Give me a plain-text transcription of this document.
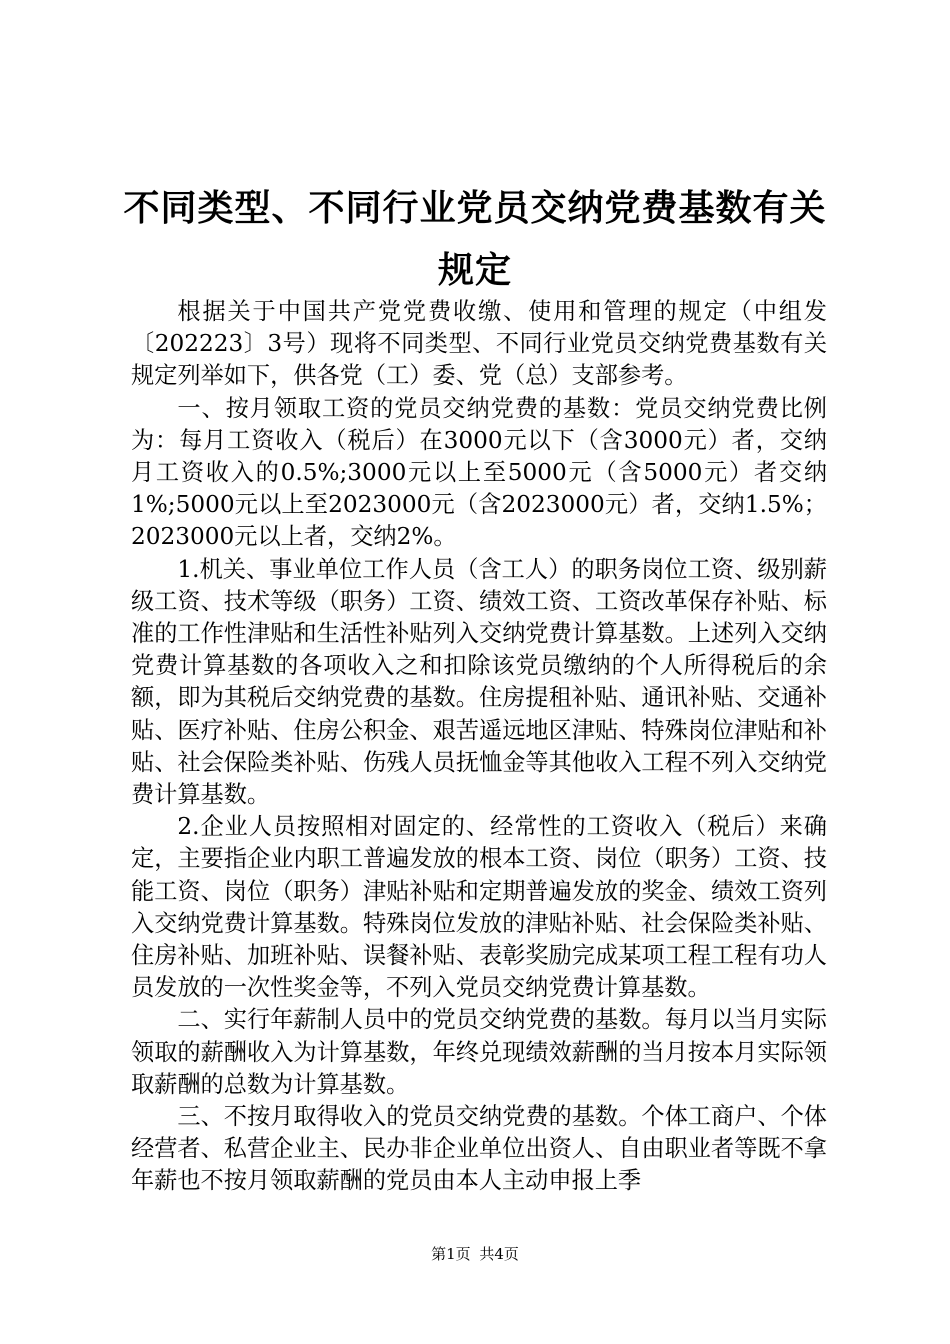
不同类型、不同行业党员交纳党费基数有关规定

根据关于中国共产党党费收缴、使用和管理的规定（中组发〔202223〕3号）现将不同类型、不同行业党员交纳党费基数有关规定列举如下，供各党（工）委、党（总）支部参考。

一、按月领取工资的党员交纳党费的基数：党员交纳党费比例为：每月工资收入（税后）在3000元以下（含3000元）者，交纳月工资收入的0.5%;3000元以上至5000元（含5000元）者交纳1%;5000元以上至2023000元（含2023000元）者，交纳1.5%；2023000元以上者，交纳2%。

1.机关、事业单位工作人员（含工人）的职务岗位工资、级别薪级工资、技术等级（职务）工资、绩效工资、工资改革保存补贴、标准的工作性津贴和生活性补贴列入交纳党费计算基数。上述列入交纳党费计算基数的各项收入之和扣除该党员缴纳的个人所得税后的余额，即为其税后交纳党费的基数。住房提租补贴、通讯补贴、交通补贴、医疗补贴、住房公积金、艰苦遥远地区津贴、特殊岗位津贴和补贴、社会保险类补贴、伤残人员抚恤金等其他收入工程不列入交纳党费计算基数。

2.企业人员按照相对固定的、经常性的工资收入（税后）来确定，主要指企业内职工普遍发放的根本工资、岗位（职务）工资、技能工资、岗位（职务）津贴补贴和定期普遍发放的奖金、绩效工资列入交纳党费计算基数。特殊岗位发放的津贴补贴、社会保险类补贴、住房补贴、加班补贴、误餐补贴、表彰奖励完成某项工程工程有功人员发放的一次性奖金等，不列入党员交纳党费计算基数。

二、实行年薪制人员中的党员交纳党费的基数。每月以当月实际领取的薪酬收入为计算基数，年终兑现绩效薪酬的当月按本月实际领取薪酬的总数为计算基数。

三、不按月取得收入的党员交纳党费的基数。个体工商户、个体经营者、私营企业主、民办非企业单位出资人、自由职业者等既不拿年薪也不按月领取薪酬的党员由本人主动申报上季

第1页 共4页
